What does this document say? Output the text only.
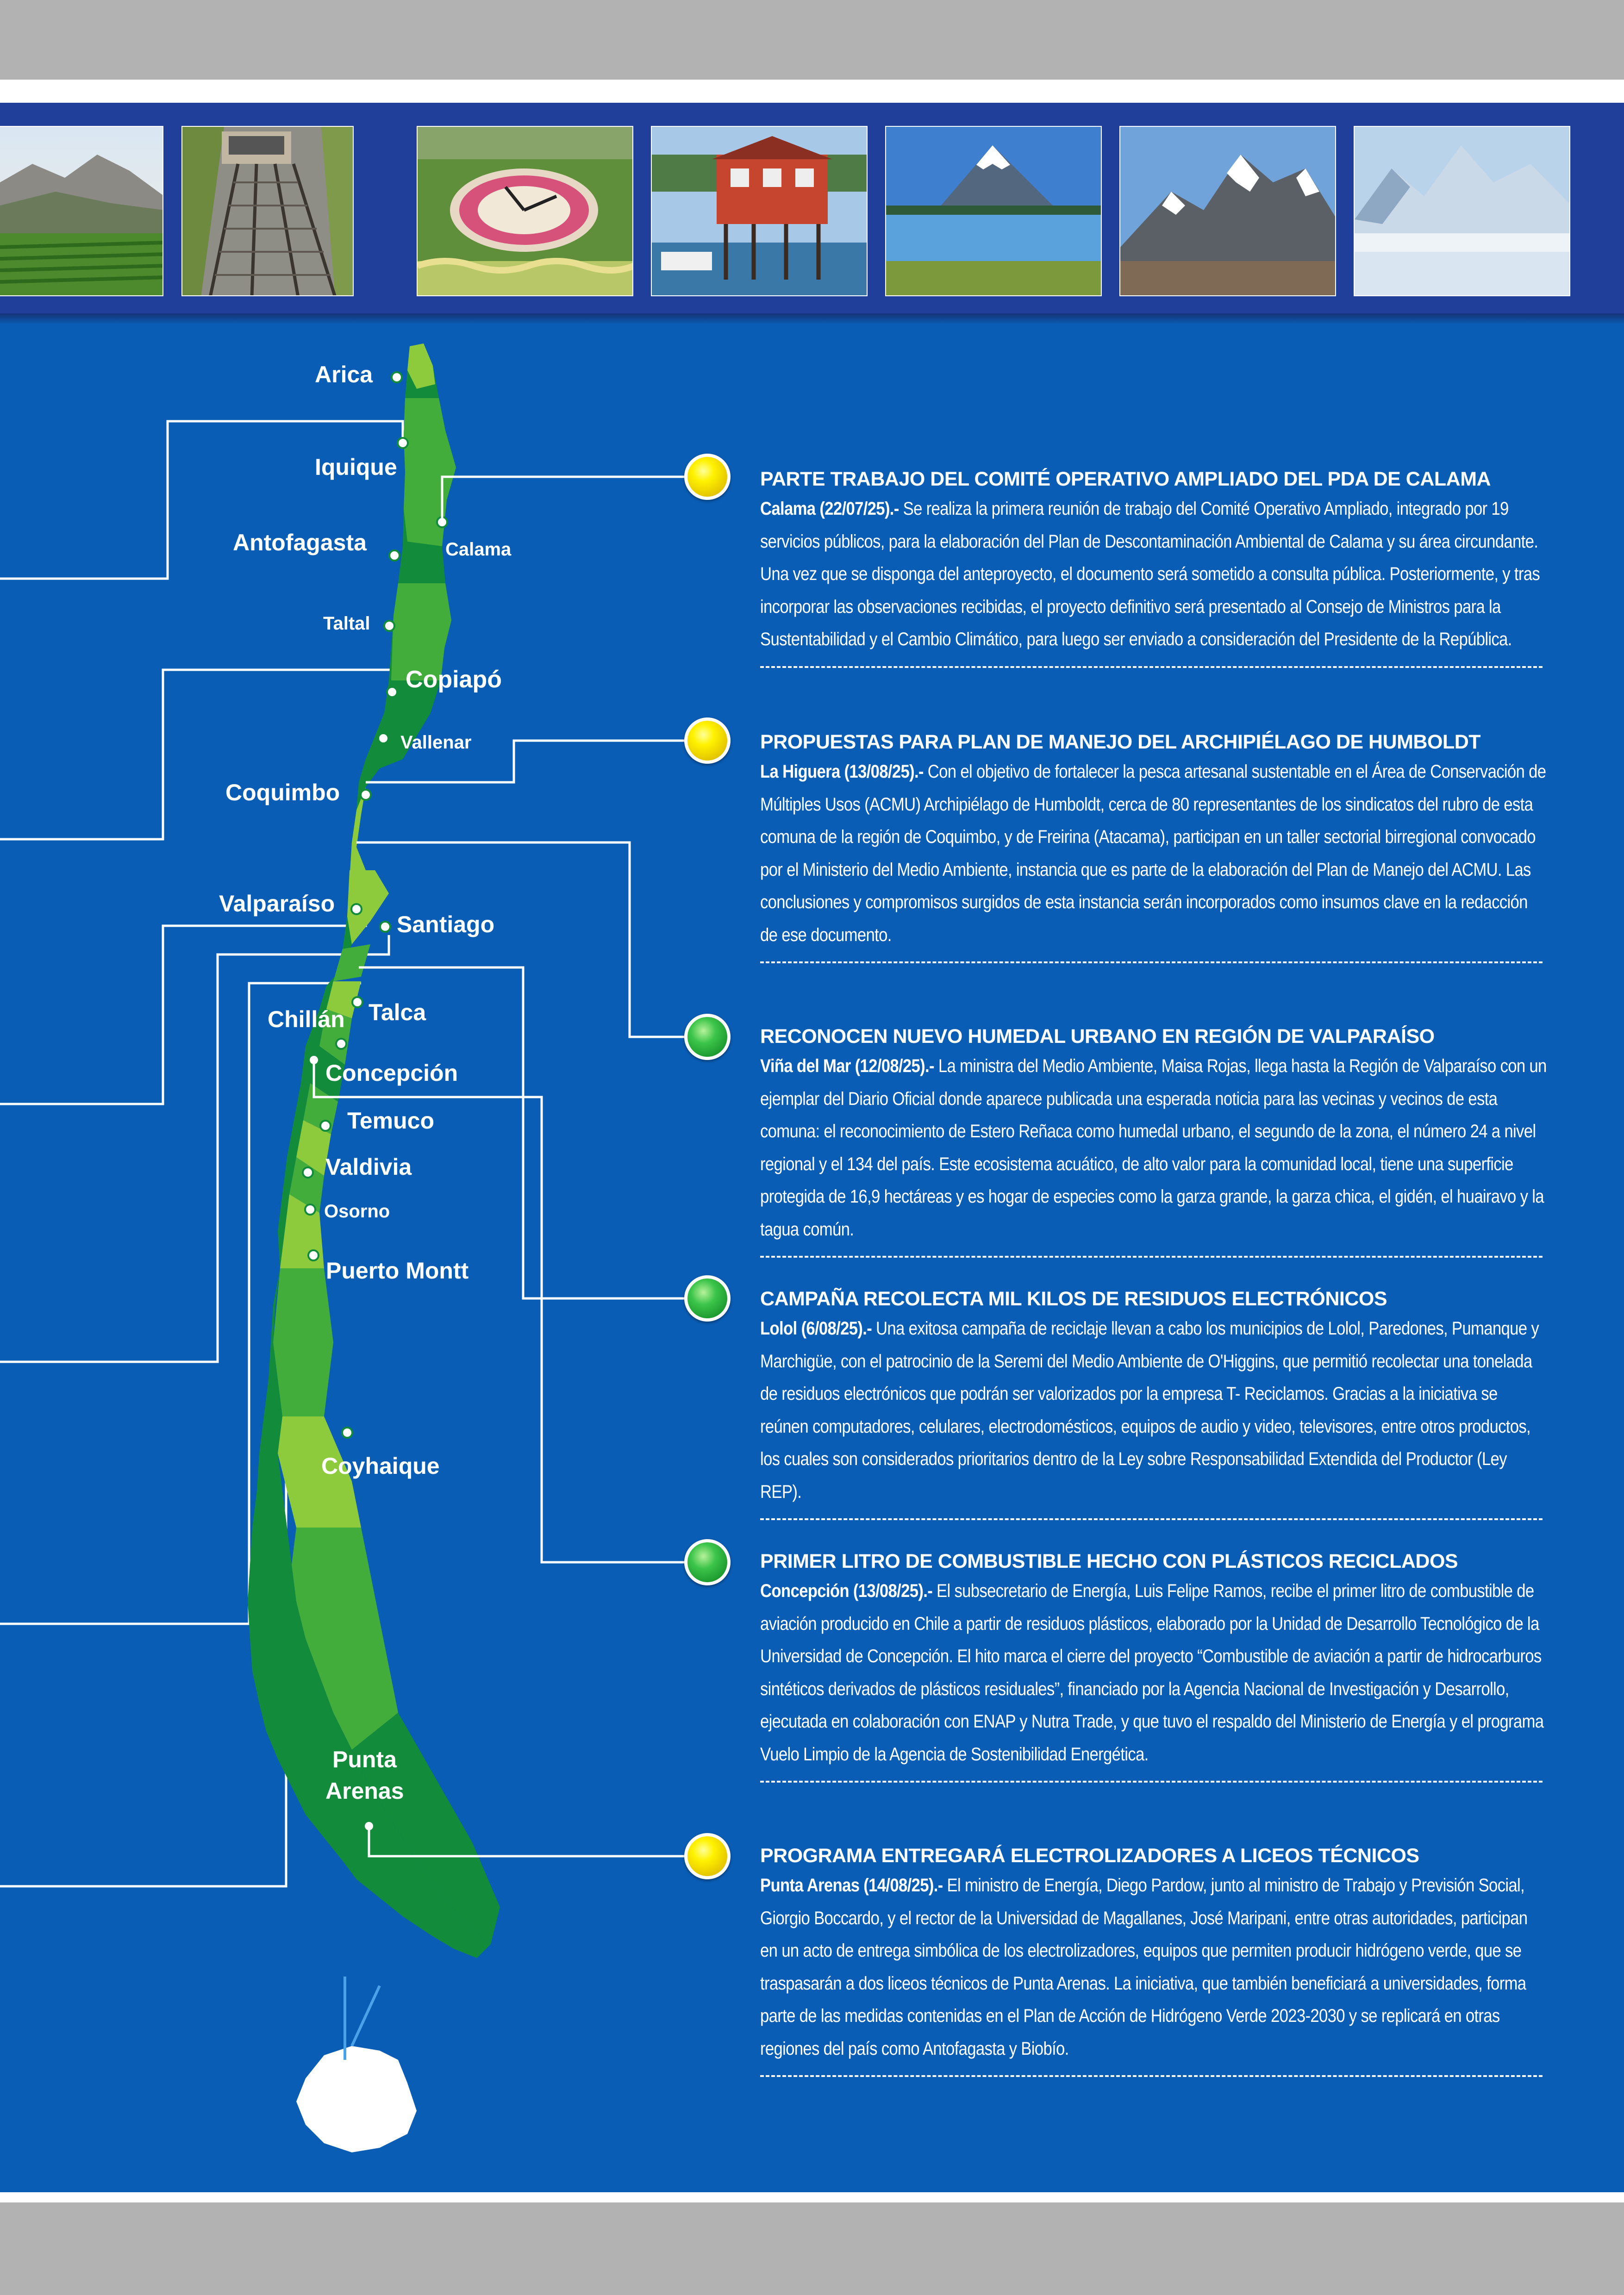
Arica
Iquique
Antofagasta	Calama
Taltal
Copiapó
Vallenar
Coquimbo
Valparaíso
Santiago
Chillán Talca
Concepción
Temuco
Valdivia
Osorno
Puerto Montt
Coyhaique
Punta
Arenas
PARTE TRABAJO DEL COMITÉ OPERATIVO AMPLIADO DEL PDA DE CALAMA
Calama (22/07/25).- Se realiza la primera reunión de trabajo del Comité Operativo Ampliado, integrado por 19 servicios públicos, para la elaboración del Plan de Descontaminación Ambiental de Calama y su área circundante. Una vez que se disponga del anteproyecto, el documento será sometido a consulta pública. Posteriormente, y tras incorporar las observaciones recibidas, el proyecto definitivo será presentado al Consejo de Ministros para la Sustentabilidad y el Cambio Climático, para luego ser enviado a consideración del Presidente de la República.
PROPUESTAS PARA PLAN DE MANEJO DEL ARCHIPIÉLAGO DE HUMBOLDT
La Higuera (13/08/25).- Con el objetivo de fortalecer la pesca artesanal sustentable en el Área de Conservación de Múltiples Usos (ACMU) Archipiélago de Humboldt, cerca de 80 representantes de los sindicatos del rubro de esta comuna de la región de Coquimbo, y de Freirina (Atacama), participan en un taller sectorial birregional convocado por el Ministerio del Medio Ambiente, instancia que es parte de la elaboración del Plan de Manejo del ACMU. Las conclusiones y compromisos surgidos de esta instancia serán incorporados como insumos clave en la redacción de ese documento.
RECONOCEN NUEVO HUMEDAL URBANO EN REGIÓN DE VALPARAÍSO
Viña del Mar (12/08/25).- La ministra del Medio Ambiente, Maisa Rojas, llega hasta la Región de Valparaíso con un ejemplar del Diario Oficial donde aparece publicada una esperada noticia para las vecinas y vecinos de esta comuna: el reconocimiento de Estero Reñaca como humedal urbano, el segundo de la zona, el número 24 a nivel regional y el 134 del país. Este ecosistema acuático, de alto valor para la comunidad local, tiene una superficie protegida de 16,9 hectáreas y es hogar de especies como la garza grande, la garza chica, el gidén, el huairavo y la tagua común.
CAMPAÑA RECOLECTA MIL KILOS DE RESIDUOS ELECTRÓNICOS
Lolol (6/08/25).- Una exitosa campaña de reciclaje llevan a cabo los municipios de Lolol, Paredones, Pumanque y Marchigüe, con el patrocinio de la Seremi del Medio Ambiente de O'Higgins, que permitió recolectar una tonelada de residuos electrónicos que podrán ser valorizados por la empresa T- Reciclamos. Gracias a la iniciativa se reúnen computadores, celulares, electrodomésticos, equipos de audio y video, televisores, entre otros productos, los cuales son considerados prioritarios dentro de la Ley sobre Responsabilidad Extendida del Productor (Ley REP).
PRIMER LITRO DE COMBUSTIBLE HECHO CON PLÁSTICOS RECICLADOS
Concepción (13/08/25).- El subsecretario de Energía, Luis Felipe Ramos, recibe el primer litro de combustible de aviación producido en Chile a partir de residuos plásticos, elaborado por la Unidad de Desarrollo Tecnológico de la Universidad de Concepción. El hito marca el cierre del proyecto “Combustible de aviación a partir de hidrocarburos sintéticos derivados de plásticos residuales”, financiado por la Agencia Nacional de Investigación y Desarrollo, ejecutada en colaboración con ENAP y Nutra Trade, y que tuvo el respaldo del Ministerio de Energía y el programa Vuelo Limpio de la Agencia de Sostenibilidad Energética.
PROGRAMA ENTREGARÁ ELECTROLIZADORES A LICEOS TÉCNICOS
Punta Arenas (14/08/25).- El ministro de Energía, Diego Pardow, junto al ministro de Trabajo y Previsión Social, Giorgio Boccardo, y el rector de la Universidad de Magallanes, José Maripani, entre otras autoridades, participan en un acto de entrega simbólica de los electrolizadores, equipos que permiten producir hidrógeno verde, que se traspasarán a dos liceos técnicos de Punta Arenas. La iniciativa, que también beneficiará a universidades, forma parte de las medidas contenidas en el Plan de Acción de Hidrógeno Verde 2023-2030 y se replicará en otras regiones del país como Antofagasta y Biobío.
